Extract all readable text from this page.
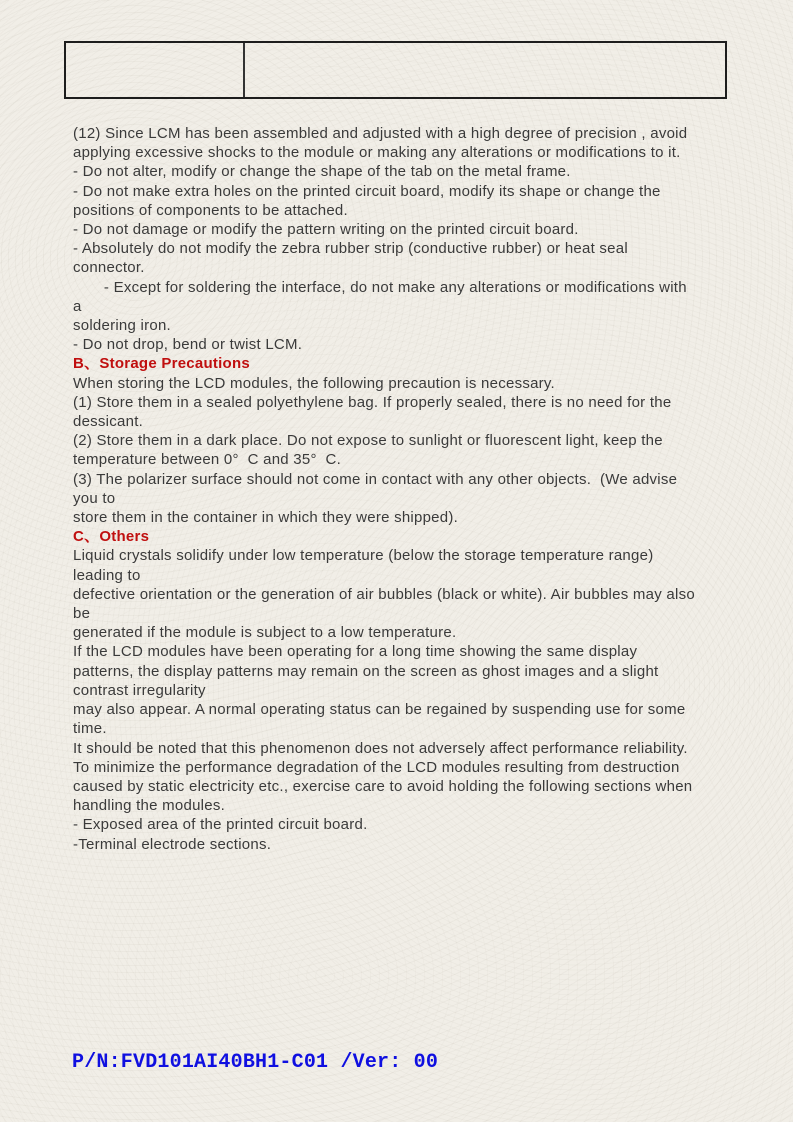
(12) Since LCM has been assembled and adjusted with a high degree of precision , avoid
applying excessive shocks to the module or making any alterations or modifications to it.
- Do not alter, modify or change the shape of the tab on the metal frame.
- Do not make extra holes on the printed circuit board, modify its shape or change the
positions of components to be attached.
- Do not damage or modify the pattern writing on the printed circuit board.
- Absolutely do not modify the zebra rubber strip (conductive rubber) or heat seal
connector.
- Except for soldering the interface, do not make any alterations or modifications with
a
soldering iron.
- Do not drop, bend or twist LCM.
B、Storage Precautions
When storing the LCD modules, the following precaution is necessary.
(1) Store them in a sealed polyethylene bag. If properly sealed, there is no need for the
dessicant.
(2) Store them in a dark place. Do not expose to sunlight or fluorescent light, keep the
temperature between 0°  C and 35°  C.
(3) The polarizer surface should not come in contact with any other objects.  (We advise
you to
store them in the container in which they were shipped).
C、Others
Liquid crystals solidify under low temperature (below the storage temperature range)
leading to
defective orientation or the generation of air bubbles (black or white). Air bubbles may also
be
generated if the module is subject to a low temperature.
If the LCD modules have been operating for a long time showing the same display
patterns, the display patterns may remain on the screen as ghost images and a slight
contrast irregularity
may also appear. A normal operating status can be regained by suspending use for some
time.
It should be noted that this phenomenon does not adversely affect performance reliability.
To minimize the performance degradation of the LCD modules resulting from destruction
caused by static electricity etc., exercise care to avoid holding the following sections when
handling the modules.
- Exposed area of the printed circuit board.
-Terminal electrode sections.
P/N:FVD101AI40BH1-C01 /Ver: 00
